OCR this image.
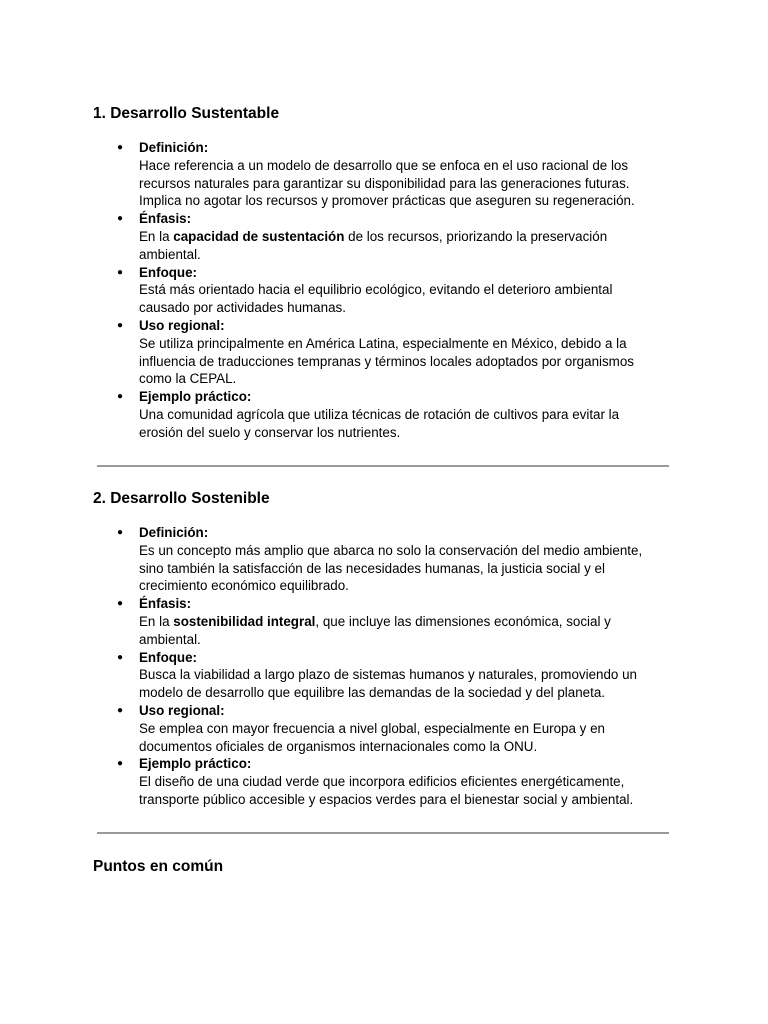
1. Desarrollo Sustentable
● Definición:
Hace referencia a un modelo de desarrollo que se enfoca en el uso racional de los
recursos naturales para garantizar su disponibilidad para las generaciones futuras.
Implica no agotar los recursos y promover prácticas que aseguren su regeneración.
● Énfasis:
En la capacidad de sustentación de los recursos, priorizando la preservación
ambiental.
● Enfoque:
Está más orientado hacia el equilibrio ecológico, evitando el deterioro ambiental
causado por actividades humanas.
● Uso regional:
Se utiliza principalmente en América Latina, especialmente en México, debido a la
influencia de traducciones tempranas y términos locales adoptados por organismos
como la CEPAL.
● Ejemplo práctico:
Una comunidad agrícola que utiliza técnicas de rotación de cultivos para evitar la
erosión del suelo y conservar los nutrientes.
2. Desarrollo Sostenible
● Definición:
Es un concepto más amplio que abarca no solo la conservación del medio ambiente,
sino también la satisfacción de las necesidades humanas, la justicia social y el
crecimiento económico equilibrado.
● Énfasis:
En la sostenibilidad integral, que incluye las dimensiones económica, social y
ambiental.
● Enfoque:
Busca la viabilidad a largo plazo de sistemas humanos y naturales, promoviendo un
modelo de desarrollo que equilibre las demandas de la sociedad y del planeta.
● Uso regional:
Se emplea con mayor frecuencia a nivel global, especialmente en Europa y en
documentos oficiales de organismos internacionales como la ONU.
● Ejemplo práctico:
El diseño de una ciudad verde que incorpora edificios eficientes energéticamente,
transporte público accesible y espacios verdes para el bienestar social y ambiental.
Puntos en común
